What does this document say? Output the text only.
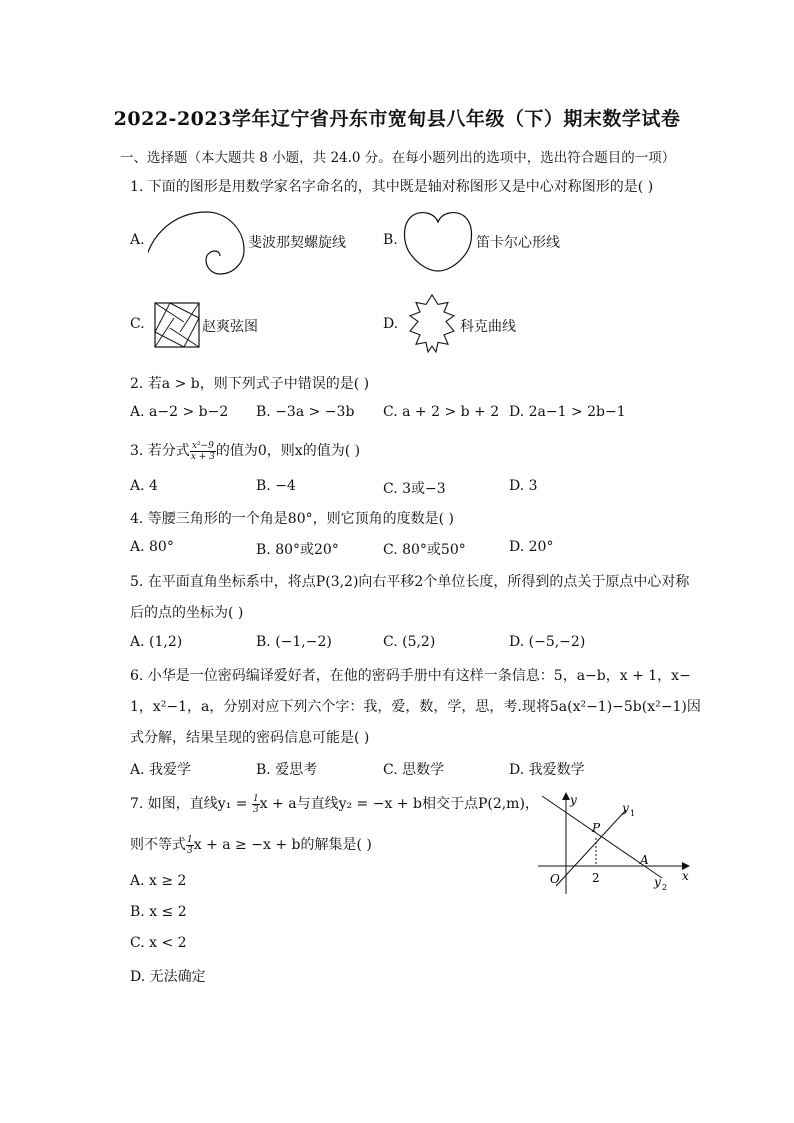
2022-2023学年辽宁省丹东市宽甸县八年级（下）期末数学试卷
一、选择题（本大题共 8 小题，共 24.0 分。在每小题列出的选项中，选出符合题目的一项）
1. 下面的图形是用数学家名字命名的，其中既是轴对称图形又是中心对称图形的是( )
A.	斐波那契螺旋线	B.	笛卡尔心形线
C.	赵爽弦图	D.	科克曲线
2. 若a > b，则下列式子中错误的是( )
A. a−2 > b−2 B. −3a > −3b C. a + 2 > b + 2 D. 2a−1 > 2b−1
3. 若分式 $\frac{\text{x²−9}}{x + 3}$ 的值为0，则x的值为( )
A. 4	B. −4	C. 3或−3	D. 3
4. 等腰三角形的一个角是80°，则它顶角的度数是( )
A. 80°	B. 80°或20°	C. 80°或50°	D. 20°
5. 在平面直角坐标系中，将点P(3,2)向右平移2个单位长度，所得到的点关于原点中心对称
后的点的坐标为( )
A. (1,2)	B. (−1,−2)	C. (5,2)	D. (−5,−2)
6. 小华是一位密码编译爱好者，在他的密码手册中有这样一条信息：5，a−b，x + 1，x−
1，x²−1，a，分别对应下列六个字：我，爱，数，学，思，考.现将5a(x²−1)−5b(x²−1)因
式分解，结果呈现的密码信息可能是( )
A. 我爱学	B. 爱思考	C. 思数学	D. 我爱数学
7. 如图，直线$y_1 = \frac{1}{3}$ x + a与直线y₂ = −x + b相交于点P(2,m)，
则不等式 $\frac{1}{3}$ x + a ≥ −x + b的解集是( )
A. x ≥ 2
B. x ≤ 2
C. x < 2
D. 无法确定
y
x
O
P
A
2
y 1
y 2
